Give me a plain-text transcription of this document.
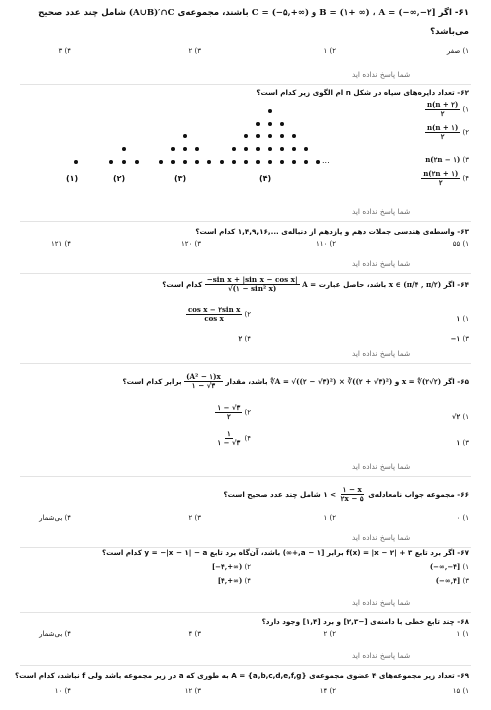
۶۱- اگر C = (−۵,+∞) و B = (۱+ ∞) ، A = (−∞,−۲] باشند، مجموعه‌ی (A∪B)′∩C شامل چند عدد صحیح
می‌باشد؟
۱) صفر
۲) ۱
۳) ۲
۴) ۳
شما پاسخ نداده اید
۶۲- تعداد دایره‌های سیاه در شکل n ام الگوی زیر کدام است؟
۱)
$\frac{n(n + ۲)}{۲}$
۲)
$\frac{n(n + ۱)}{۲}$
۳) n(۲n − ۱)
۴)
$\frac{n(۲n + ۱)}{۲}$
(۱)	(۲)	(۳)	(۴)
...
شما پاسخ نداده اید
۶۳- واسطه‌ی هندسی جملات دهم و یازدهم از دنباله‌ی ...,۱,۴,۹,۱۶ کدام است؟
۱) ۵۵
۲) ۱۱۰
۳) ۱۲۰
۴) ۱۲۱
شما پاسخ نداده اید
۶۴- اگر x ∈ (π/۴ , π/۲) باشد، حاصل عبارت A =
$\frac{\text{−sin x + |sin x − cos x|}}{\text{√(۱ − sin² x)}}$
کدام است؟
۱) ۱
۲)
$\frac{\text{cos x − ۲sin x}}{\text{cos x}}$
۳) −۱
۴) ۲
شما پاسخ نداده اید
۶۵- اگر x = ∜(۲√۲) و ∜A = √((۲ − √۳)²) × ∛((۲ + √۳)²) باشد، مقدار
$\frac{\text{(A² − ۱)x}}{۱ - √۳}$
برابر کدام است؟
۱) √۲
۲)
$\frac{۱ - √۳}{۲}$
۳) ۱
۴)
$\frac{۱}{۱ - √۳}$
شما پاسخ نداده اید
۶۶- مجموعه جواب نامعادله‌ی
$\frac{۱ - x}{۲x - ۵}$
> ۱ شامل چند عدد صحیح است؟
۱) ۰
۲) ۱
۳) ۲
۴) بی‌شمار
شما پاسخ نداده اید
۶۷- اگر برد تابع f(x) = |x − ۲| + ۳ برابر [a − ۱,+∞) باشد، آن‌گاه برد تابع y = −|x − ۱| − a کدام است؟
۱) (−∞,−۴]
۲) [−۴,+∞)
۳) (−∞,۴]
۴) [۴,+∞)
شما پاسخ نداده اید
۶۸- چند تابع خطی با دامنه‌ی [−۲,۳] و برد [۱,۴] وجود دارد؟
۱) ۱
۲) ۲
۳) ۴
۴) بی‌شمار
شما پاسخ نداده اید
۶۹- تعداد زیر مجموعه‌های ۴ عضوی مجموعه‌ی A = {a,b,c,d,e,f,g} به طوری که a در زیر مجموعه باشد ولی f نباشد، کدام است؟
۱) ۱۵
۲) ۱۴
۳) ۱۲
۴) ۱۰
